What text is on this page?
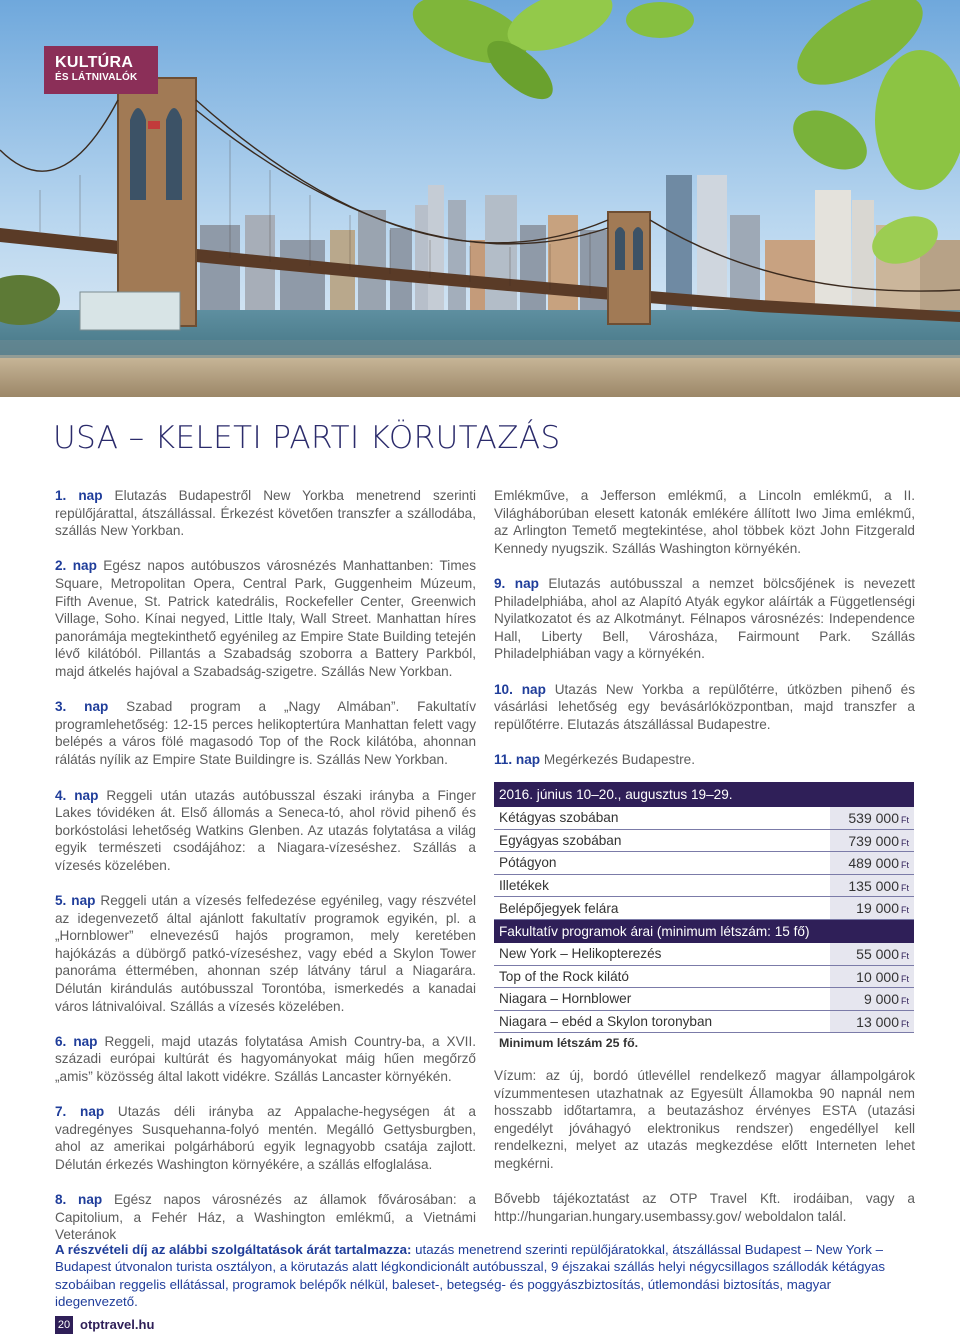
KULTÚRA
ÉS LÁTNIVALÓK
USA – KELETI PARTI KÖRUTAZÁS

1. nap Elutazás Budapestről New Yorkba menetrend szerinti repülőjárattal, átszállással. Érkezést követően transzfer a szállodába, szállás New Yorkban.

2. nap Egész napos autóbuszos városnézés Manhattanben: Times Square, Metropolitan Opera, Central Park, Guggenheim Múzeum, Fifth Avenue, St. Patrick katedrális, Rockefeller Center, Greenwich Village, Soho. Kínai negyed, Little Italy, Wall Street. Manhattan híres panorámája megtekinthető egyénileg az Empire State Building tetején lévő kilátóból. Pillantás a Szabadság szoborra a Battery Parkból, majd átkelés hajóval a Szabadság-szigetre. Szállás New Yorkban.

3. nap Szabad program a „Nagy Almában”. Fakultatív programlehetőség: 12-15 perces helikoptertúra Manhattan felett vagy belépés a város fölé magasodó Top of the Rock kilátóba, ahonnan rálátás nyílik az Empire State Buildingre is. Szállás New Yorkban.

4. nap Reggeli után utazás autóbusszal északi irányba a Finger Lakes tóvidéken át. Első állomás a Seneca-tó, ahol rövid pihenő és borkóstolási lehetőség Watkins Glenben. Az utazás folytatása a világ egyik természeti csodájához: a Niagara-vízeséshez. Szállás a vízesés közelében.

5. nap Reggeli után a vízesés felfedezése egyénileg, vagy részvétel az idegenvezető által ajánlott fakultatív programok egyikén, pl. a „Hornblower” elnevezésű hajós programon, mely keretében hajókázás a dübörgő patkó-vízeséshez, vagy ebéd a Skylon Tower panoráma éttermében, ahonnan szép látvány tárul a Niagarára. Délután kirándulás autóbusszal Torontóba, ismerkedés a kanadai város látnivalóival. Szállás a vízesés közelében.

6. nap Reggeli, majd utazás folytatása Amish Country-ba, a XVII. századi európai kultúrát és hagyományokat máig hűen megőrző „amis” közösség által lakott vidékre. Szállás Lancaster környékén.

7. nap Utazás déli irányba az Appalache-hegységen át a vadregényes Susquehanna-folyó mentén. Megálló Gettysburgben, ahol az amerikai polgárháború egyik legnagyobb csatája zajlott. Délután érkezés Washington környékére, a szállás elfoglalása.

8. nap Egész napos városnézés az államok fővárosában: a Capitolium, a Fehér Ház, a Washington emlékmű, a Vietnámi Veteránok

Emlékműve, a Jefferson emlékmű, a Lincoln emlékmű, a II. Világháborúban elesett katonák emlékére állított Iwo Jima emlékmű, az Arlington Temető megtekintése, ahol többek közt John Fitzgerald Kennedy nyugszik. Szállás Washington környékén.

9. nap Elutazás autóbusszal a nemzet bölcsőjének is nevezett Philadelphiába, ahol az Alapító Atyák egykor aláírták a Függetlenségi Nyilatkozatot és az Alkotmányt. Félnapos városnézés: Independence Hall, Liberty Bell, Városháza, Fairmount Park. Szállás Philadelphiában vagy a környékén.

10. nap Utazás New Yorkba a repülőtérre, útközben pihenő és vásárlási lehetőség egy bevásárlóközpontban, majd transzfer a repülőtérre. Elutazás átszállással Budapestre.

11. nap Megérkezés Budapestre.

2016. június 10–20., augusztus 19–29.
Kétágyas szobában	539 000 Ft
Egyágyas szobában	739 000 Ft
Pótágyon	489 000 Ft
Illetékek	135 000 Ft
Belépőjegyek felára	19 000 Ft
Fakultatív programok árai (minimum létszám: 15 fő)
New York – Helikopterezés	55 000 Ft
Top of the Rock kilátó	10 000 Ft
Niagara – Hornblower	9 000 Ft
Niagara – ebéd a Skylon toronyban	13 000 Ft
Minimum létszám 25 fő.

Vízum: az új, bordó útlevéllel rendelkező magyar állampolgárok vízummentesen utazhatnak az Egyesült Államokba 90 napnál nem hosszabb időtartamra, a beutazáshoz érvényes ESTA (utazási engedélyt jóváhagyó elektronikus rendszer) engedéllyel kell rendelkezni, melyet az utazás megkezdése előtt Interneten lehet megkérni.

Bővebb tájékoztatást az OTP Travel Kft. irodáiban, vagy a http://hungarian.hungary.usembassy.gov/ weboldalon talál.

A részvételi díj az alábbi szolgáltatások árát tartalmazza: utazás menetrend szerinti repülőjáratokkal, átszállással Budapest – New York – Budapest útvonalon turista osztályon, a körutazás alatt légkondicionált autóbusszal, 9 éjszakai szállás helyi négycsillagos szállodák kétágyas szobáiban reggelis ellátással, programok belépők nélkül, baleset-, betegség- és poggyászbiztosítás, útlemondási biztosítás, magyar idegenvezető.

20 otptravel.hu
